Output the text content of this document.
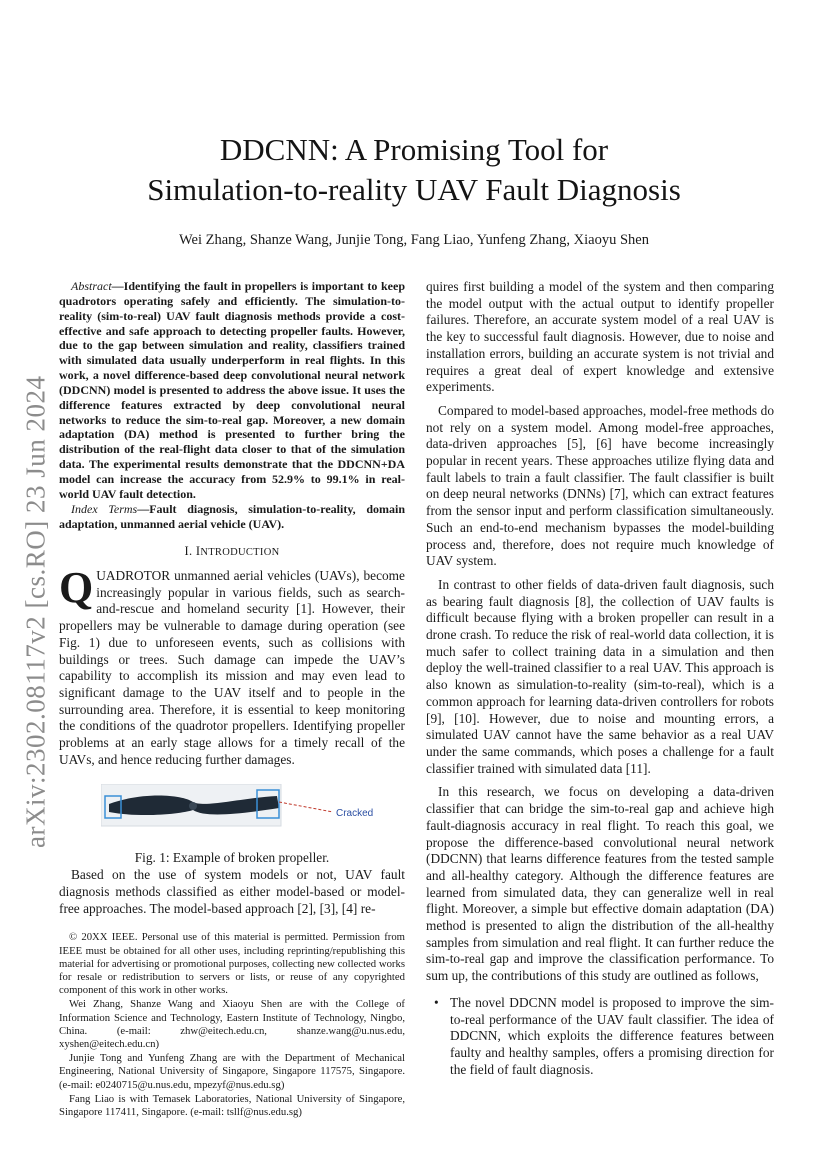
arXiv:2302.08117v2 [cs.RO] 23 Jun 2024
DDCNN: A Promising Tool for
Simulation-to-reality UAV Fault Diagnosis
Wei Zhang, Shanze Wang, Junjie Tong, Fang Liao, Yunfeng Zhang, Xiaoyu Shen

Abstract—Identifying the fault in propellers is important to keep quadrotors operating safely and efficiently. The simulation-to-reality (sim-to-real) UAV fault diagnosis methods provide a cost-effective and safe approach to detecting propeller faults. However, due to the gap between simulation and reality, classifiers trained with simulated data usually underperform in real flights. In this work, a novel difference-based deep convolutional neural network (DDCNN) model is presented to address the above issue. It uses the difference features extracted by deep convolutional neural networks to reduce the sim-to-real gap. Moreover, a new domain adaptation (DA) method is presented to further bring the distribution of the real-flight data closer to that of the simulation data. The experimental results demonstrate that the DDCNN+DA model can increase the accuracy from 52.9% to 99.1% in real-world UAV fault detection.

Index Terms—Fault diagnosis, simulation-to-reality, domain adaptation, unmanned aerial vehicle (UAV).

I. INTRODUCTION

QUADROTOR unmanned aerial vehicles (UAVs), become increasingly popular in various fields, such as search-and-rescue and homeland security [1]. However, their propellers may be vulnerable to damage during operation (see Fig. 1) due to unforeseen events, such as collisions with buildings or trees. Such damage can impede the UAV’s capability to accomplish its mission and may even lead to significant damage to the UAV itself and to people in the surrounding area. Therefore, it is essential to keep monitoring the conditions of the quadrotor propellers. Identifying propeller problems at an early stage allows for a timely recall of the UAVs, and hence reducing further damages.

Cracked
Fig. 1: Example of broken propeller.

Based on the use of system models or not, UAV fault diagnosis methods classified as either model-based or model-free approaches. The model-based approach [2], [3], [4] re-

© 20XX IEEE. Personal use of this material is permitted. Permission from IEEE must be obtained for all other uses, including reprinting/republishing this material for advertising or promotional purposes, collecting new collected works for resale or redistribution to servers or lists, or reuse of any copyrighted component of this work in other works.

Wei Zhang, Shanze Wang and Xiaoyu Shen are with the College of Information Science and Technology, Eastern Institute of Technology, Ningbo, China. (e-mail: zhw@eitech.edu.cn, shanze.wang@u.nus.edu, xyshen@eitech.edu.cn)

Junjie Tong and Yunfeng Zhang are with the Department of Mechanical Engineering, National University of Singapore, Singapore 117575, Singapore. (e-mail: e0240715@u.nus.edu, mpezyf@nus.edu.sg)

Fang Liao is with Temasek Laboratories, National University of Singapore, Singapore 117411, Singapore. (e-mail: tsllf@nus.edu.sg)

quires first building a model of the system and then comparing the model output with the actual output to identify propeller failures. Therefore, an accurate system model of a real UAV is the key to successful fault diagnosis. However, due to noise and installation errors, building an accurate system is not trivial and requires a great deal of expert knowledge and extensive experiments.

Compared to model-based approaches, model-free methods do not rely on a system model. Among model-free approaches, data-driven approaches [5], [6] have become increasingly popular in recent years. These approaches utilize flying data and fault labels to train a fault classifier. The fault classifier is built on deep neural networks (DNNs) [7], which can extract features from the sensor input and perform classification simultaneously. Such an end-to-end mechanism bypasses the model-building process and, therefore, does not require much knowledge of UAV system.

In contrast to other fields of data-driven fault diagnosis, such as bearing fault diagnosis [8], the collection of UAV faults is difficult because flying with a broken propeller can result in a drone crash. To reduce the risk of real-world data collection, it is much safer to collect training data in a simulation and then deploy the well-trained classifier to a real UAV. This approach is also known as simulation-to-reality (sim-to-real), which is a common approach for learning data-driven controllers for robots [9], [10]. However, due to noise and mounting errors, a simulated UAV cannot have the same behavior as a real UAV under the same commands, which poses a challenge for a fault classifier trained with simulated data [11].

In this research, we focus on developing a data-driven classifier that can bridge the sim-to-real gap and achieve high fault-diagnosis accuracy in real flight. To reach this goal, we propose the difference-based convolutional neural network (DDCNN) that learns difference features from the tested sample and all-healthy category. Although the difference features are learned from simulated data, they can generalize well in real flight. Moreover, a simple but effective domain adaptation (DA) method is presented to align the distribution of the all-healthy samples from simulation and real flight. It can further reduce the sim-to-real gap and improve the classification performance. To sum up, the contributions of this study are outlined as follows,

• The novel DDCNN model is proposed to improve the sim-to-real performance of the UAV fault classifier. The idea of DDCNN, which exploits the difference features between faulty and healthy samples, offers a promising direction for the field of fault diagnosis.
